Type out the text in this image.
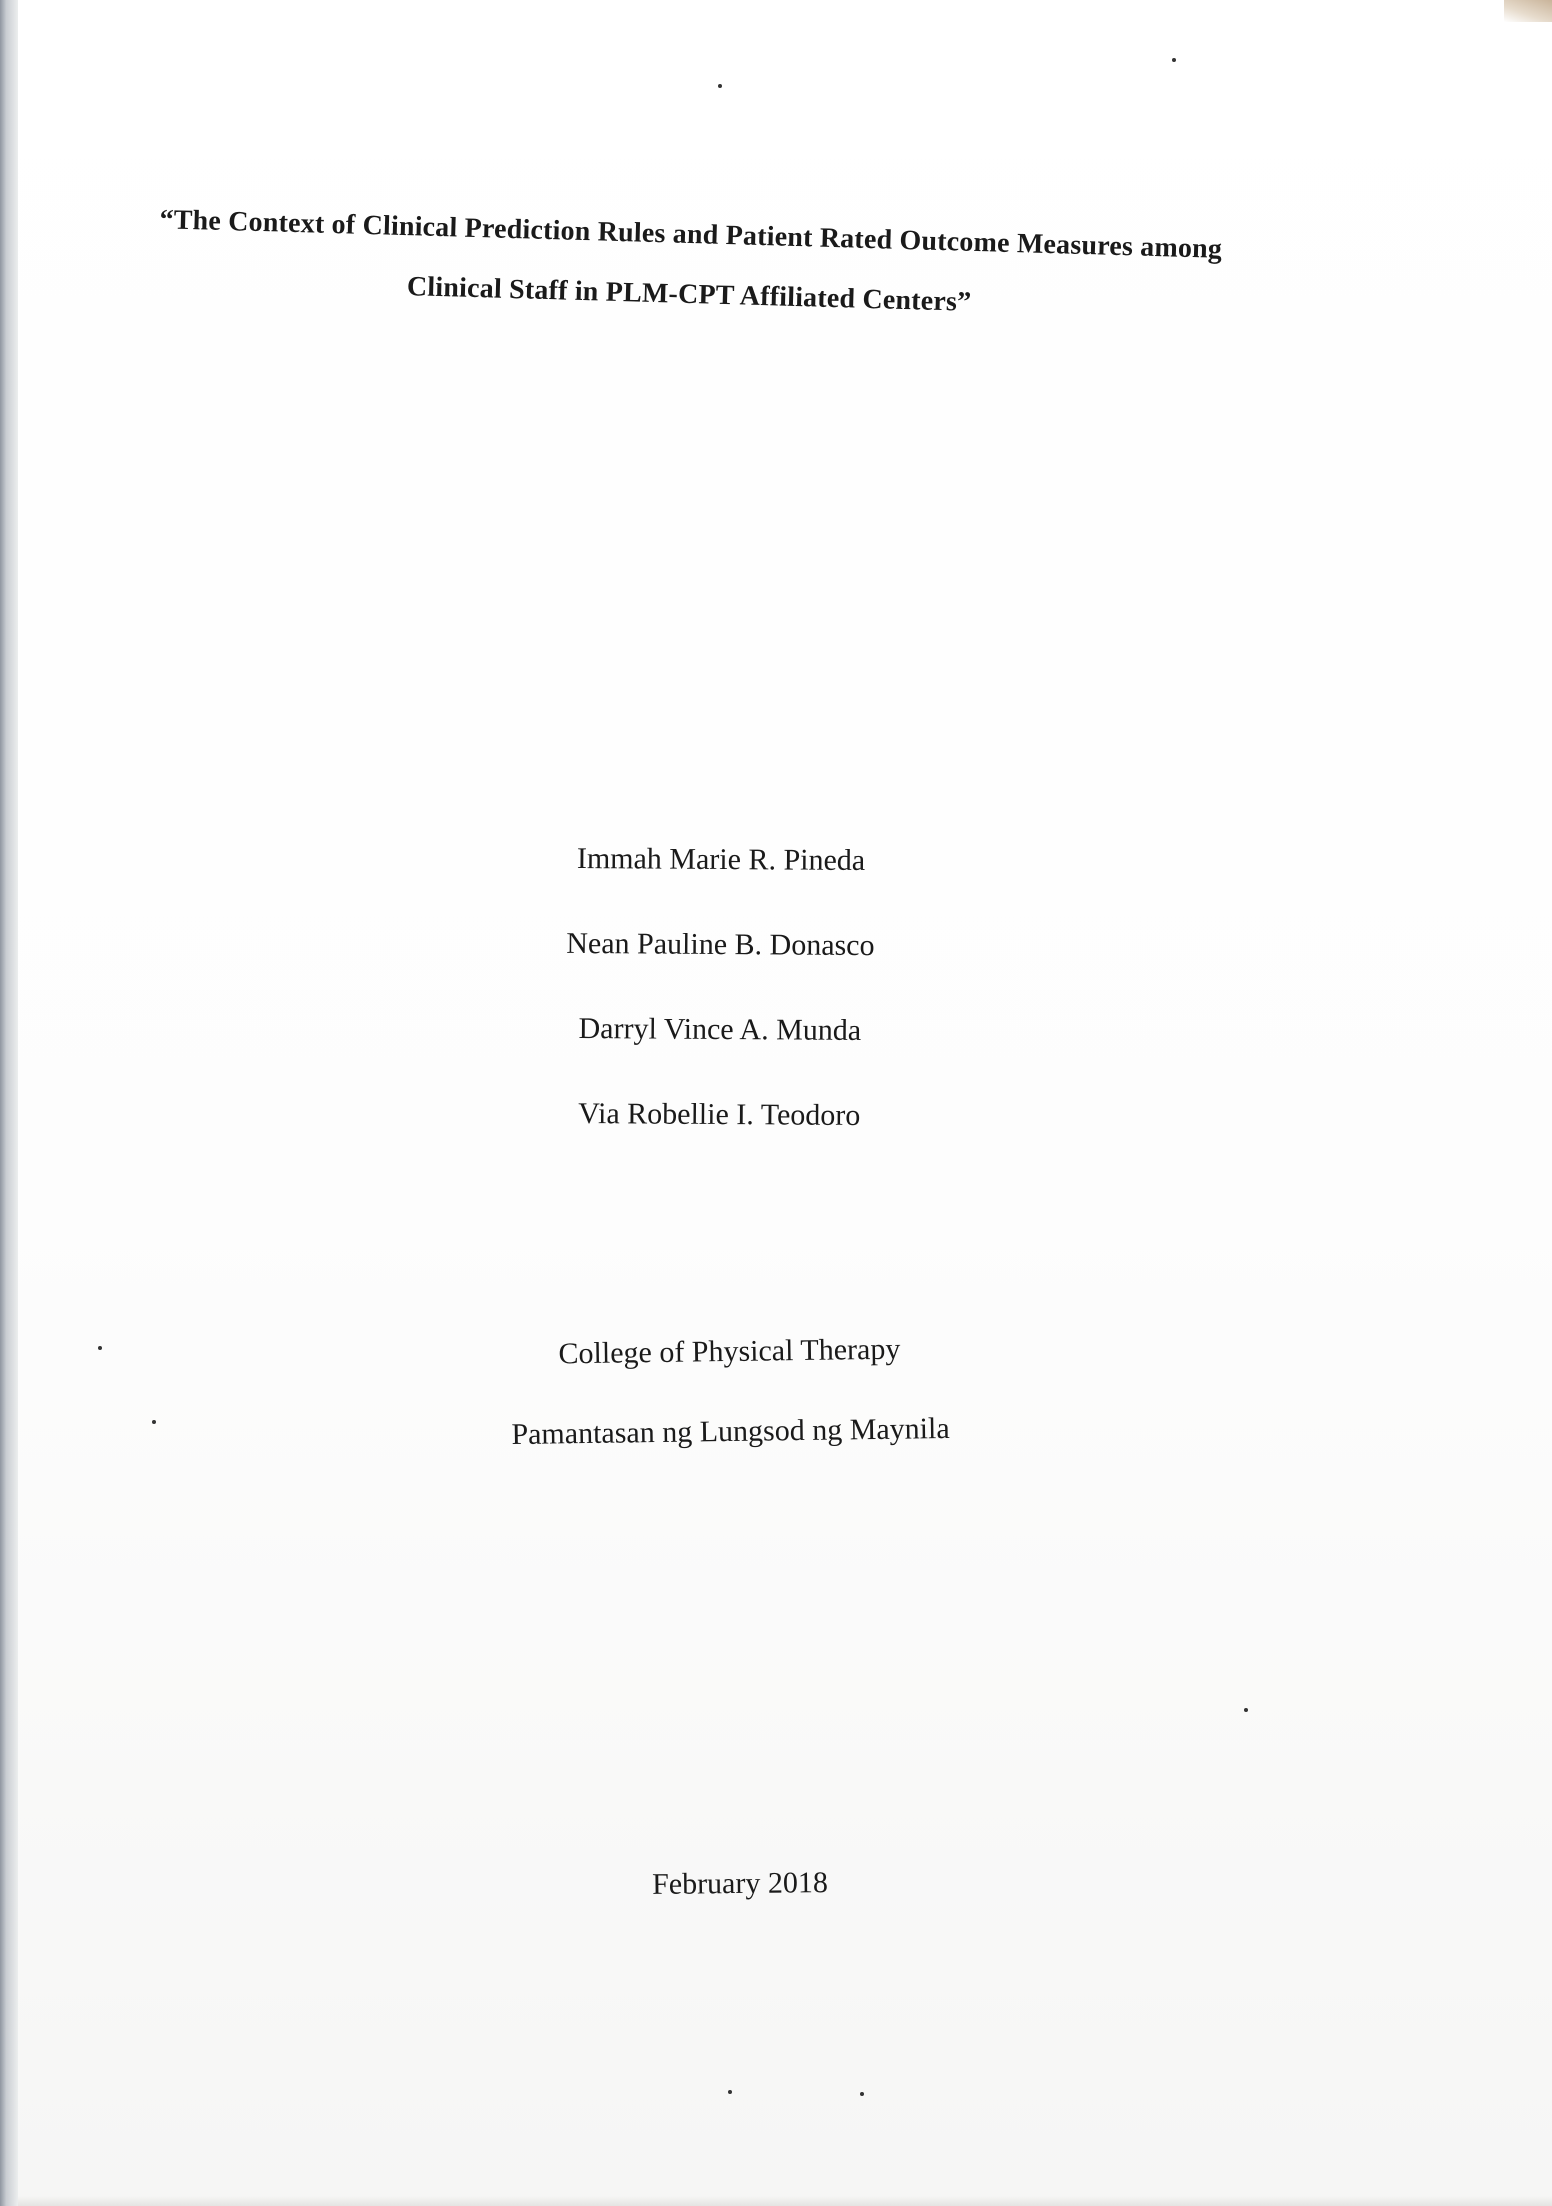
“The Context of Clinical Prediction Rules and Patient Rated Outcome Measures among
Clinical Staff in PLM-CPT Affiliated Centers”
Immah Marie R. Pineda
Nean Pauline B. Donasco
Darryl Vince A. Munda
Via Robellie I. Teodoro
College of Physical Therapy
Pamantasan ng Lungsod ng Maynila
February 2018
